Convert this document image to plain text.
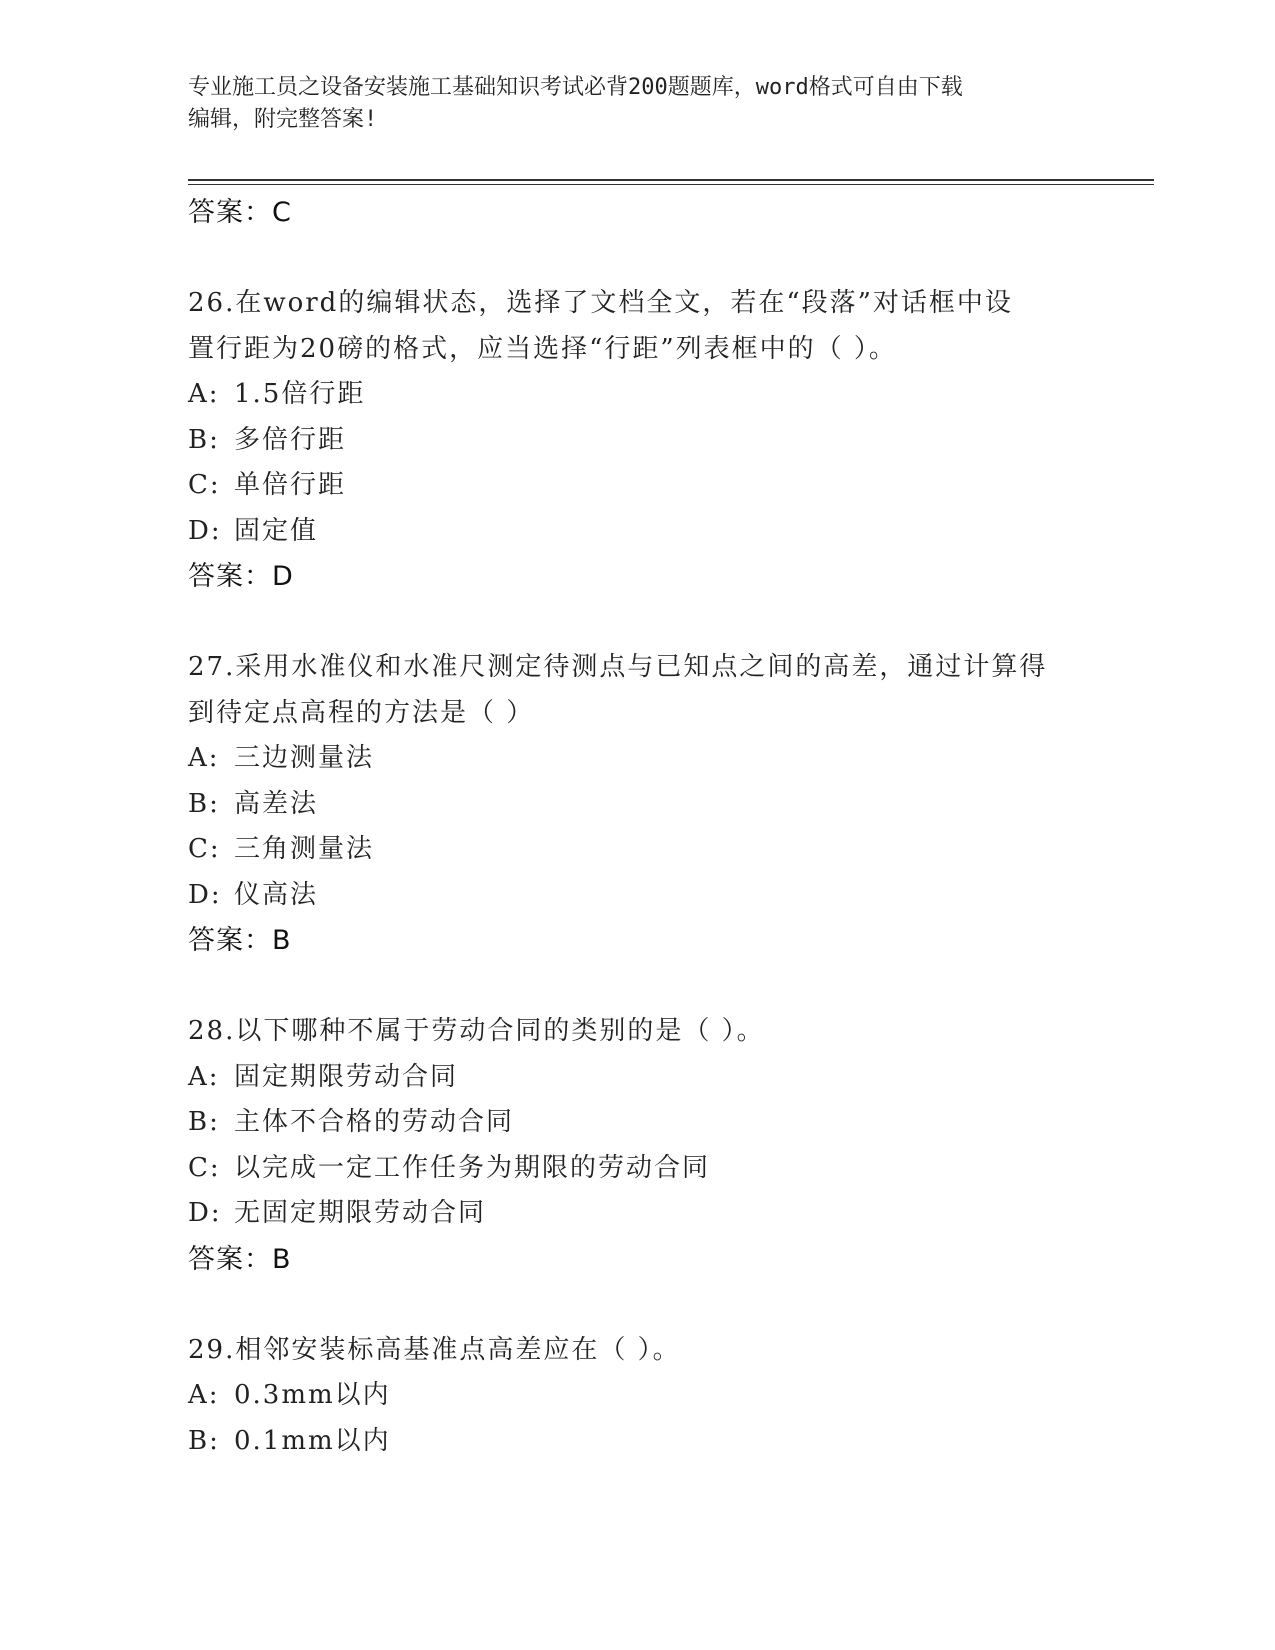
专业施工员之设备安装施工基础知识考试必背200题题库，word格式可自由下载
编辑，附完整答案!
答案：C
26.在word的编辑状态，选择了文档全文，若在“段落”对话框中设
置行距为20磅的格式，应当选择“行距”列表框中的（ ）。
A: 1.5倍行距
B: 多倍行距
C: 单倍行距
D: 固定值
答案：D
27.采用水准仪和水准尺测定待测点与已知点之间的高差，通过计算得
到待定点高程的方法是（ ）
A: 三边测量法
B: 高差法
C: 三角测量法
D: 仪高法
答案：B
28.以下哪种不属于劳动合同的类别的是（ ）。
A: 固定期限劳动合同
B: 主体不合格的劳动合同
C: 以完成一定工作任务为期限的劳动合同
D: 无固定期限劳动合同
答案：B
29.相邻安装标高基准点高差应在（ ）。
A: 0.3mm以内
B: 0.1mm以内
